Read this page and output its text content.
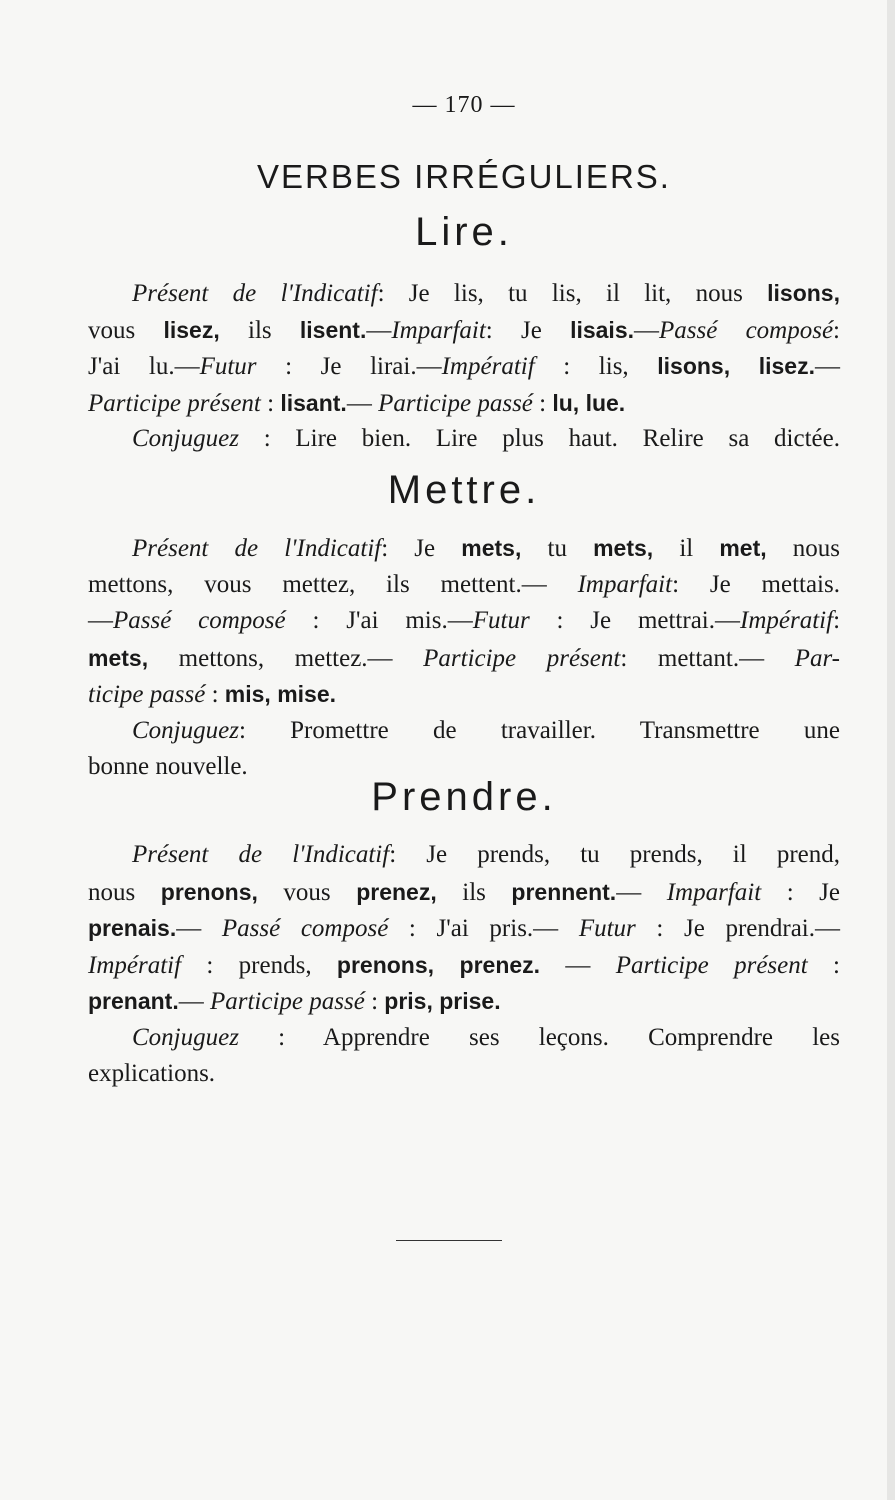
— 170 —
VERBES IRRÉGULIERS.
Lire.
Présent de l'Indicatif: Je lis, tu lis, il lit, nous lisons,
vous lisez, ils lisent.—Imparfait: Je lisais.—Passé composé:
J'ai lu.—Futur : Je lirai.—Impératif : lis, lisons, lisez.—
Participe présent : lisant.— Participe passé : lu, lue.
Conjuguez : Lire bien. Lire plus haut. Relire sa dictée.
Mettre.
Présent de l'Indicatif: Je mets, tu mets, il met, nous
mettons, vous mettez, ils mettent.— Imparfait: Je mettais.
—Passé composé : J'ai mis.—Futur : Je mettrai.—Impératif:
mets, mettons, mettez.— Participe présent: mettant.— Par-
ticipe passé : mis, mise.
Conjuguez: Promettre de travailler. Transmettre une
bonne nouvelle.
Prendre.
Présent de l'Indicatif: Je prends, tu prends, il prend,
nous prenons, vous prenez, ils prennent.— Imparfait : Je
prenais.— Passé composé : J'ai pris.— Futur : Je prendrai.—
Impératif : prends, prenons, prenez. — Participe présent :
prenant.— Participe passé : pris, prise.
Conjuguez : Apprendre ses leçons. Comprendre les
explications.
